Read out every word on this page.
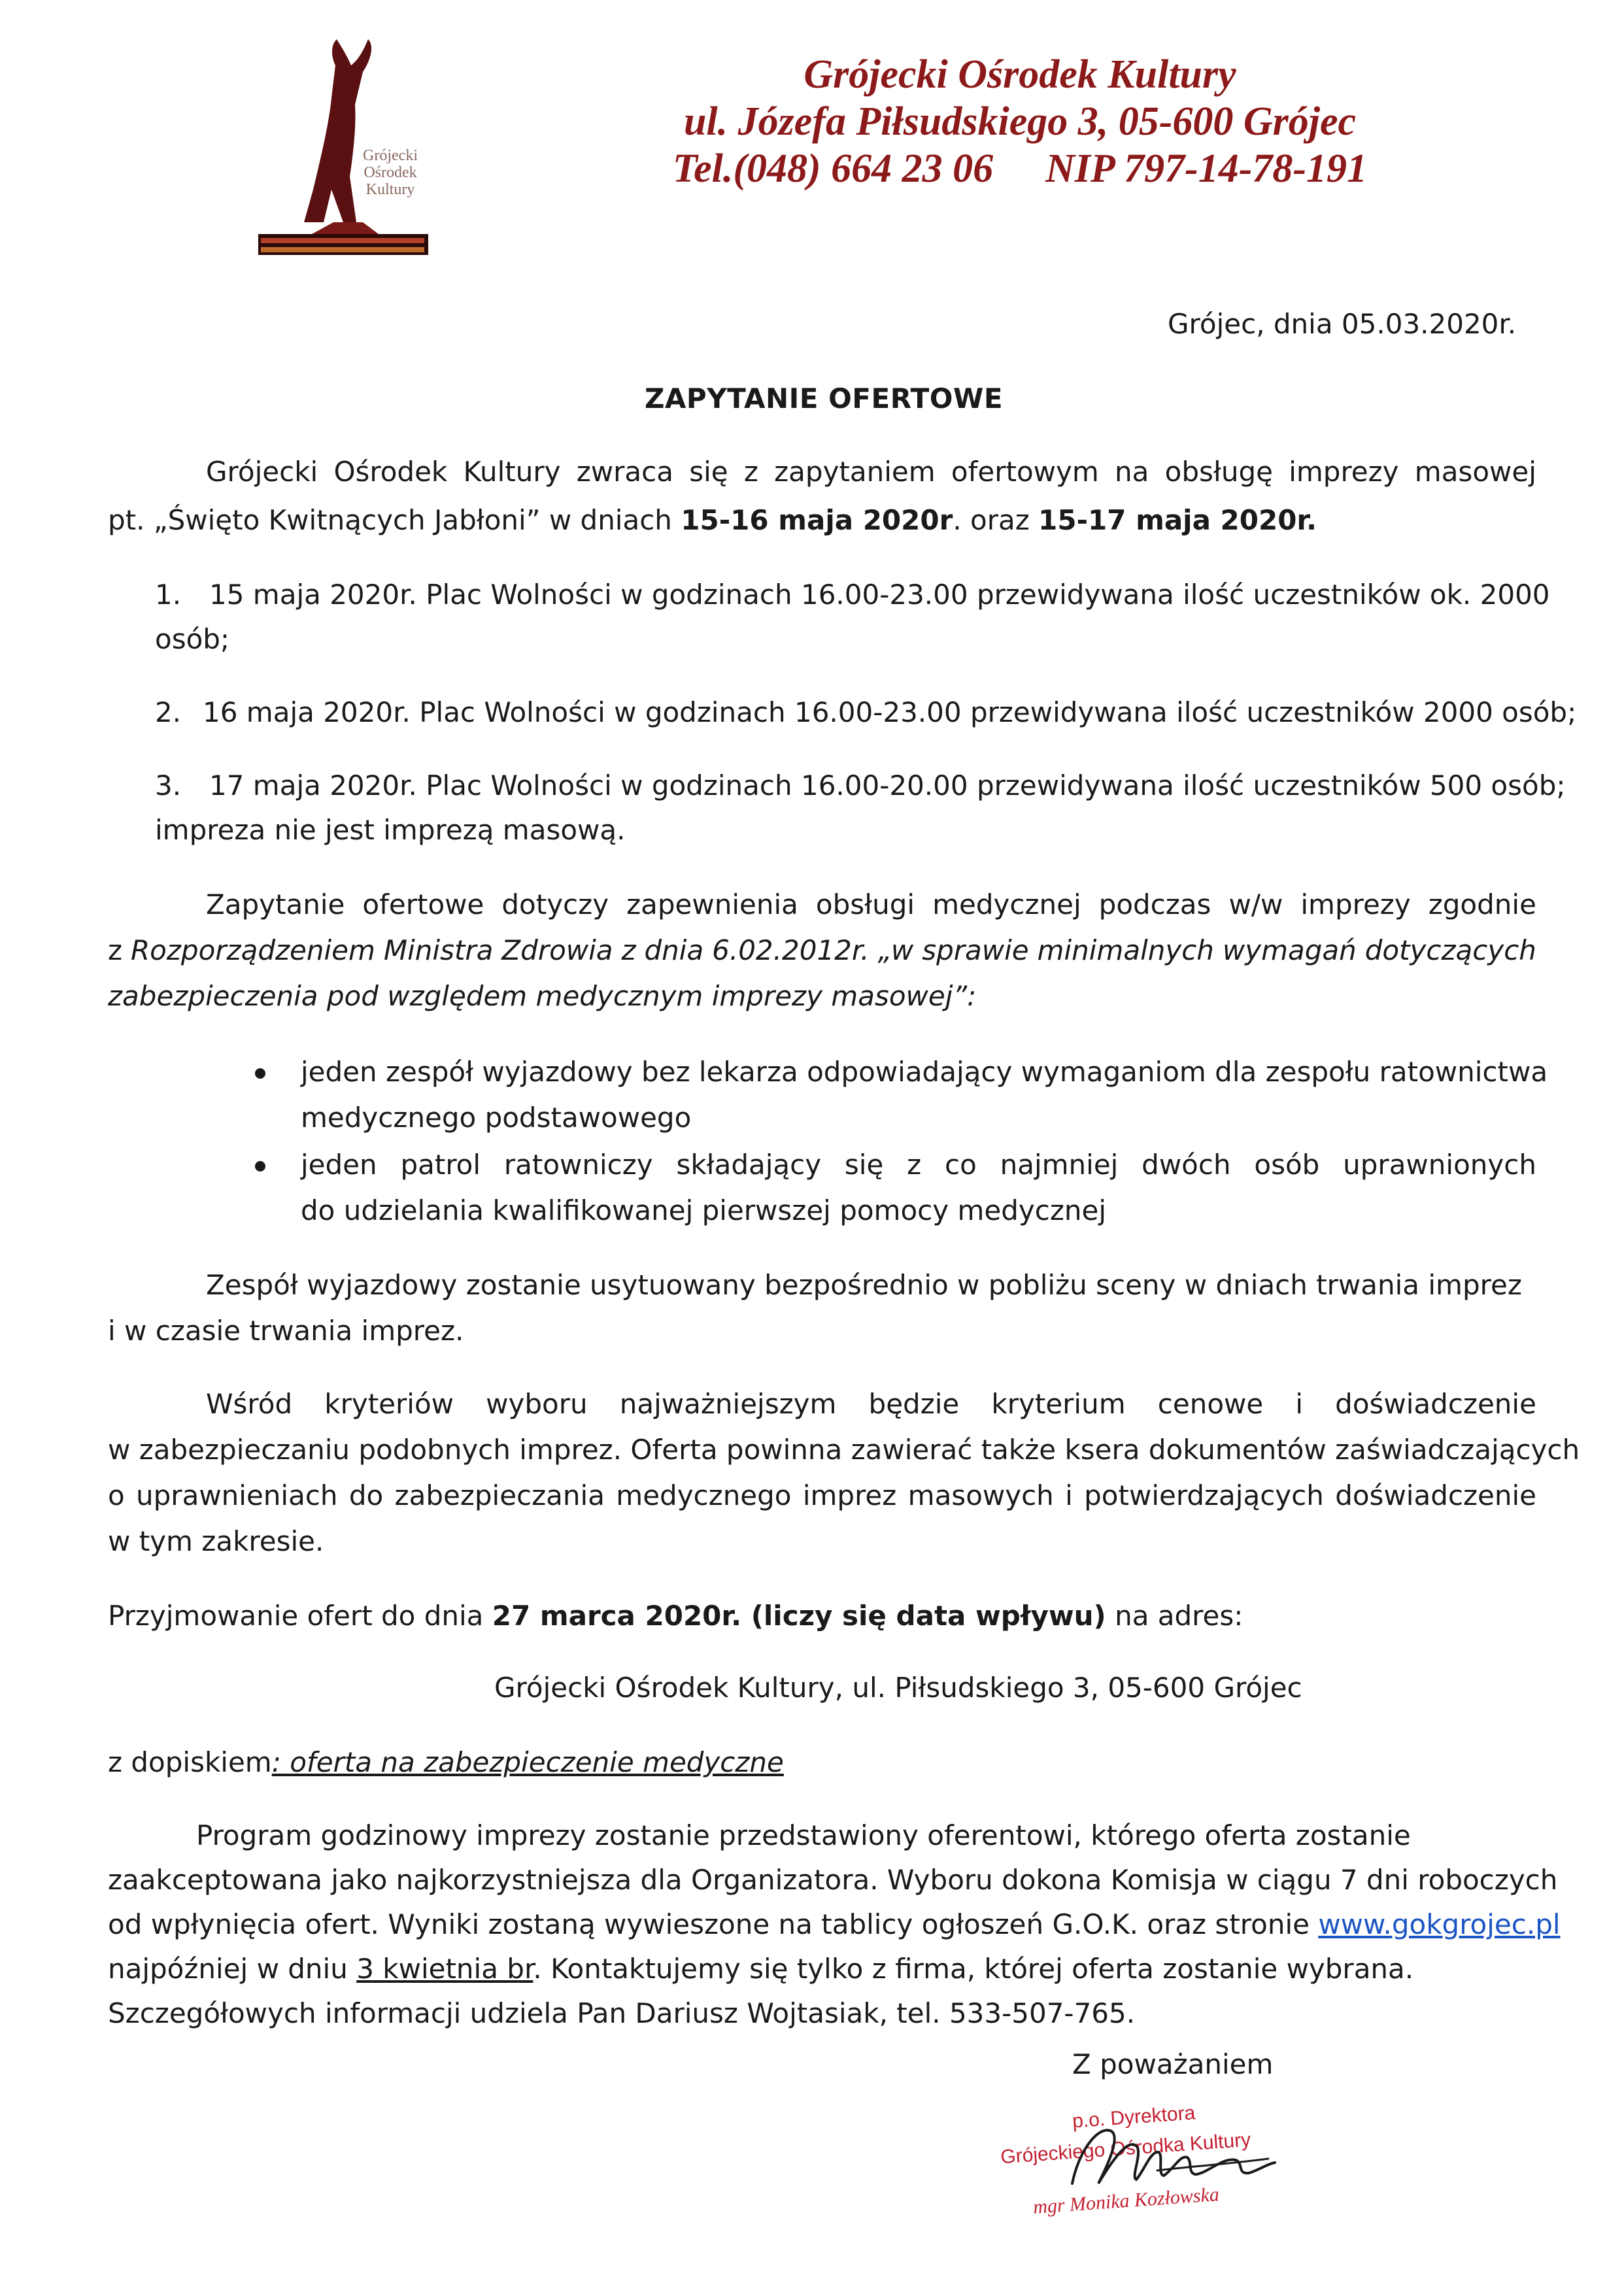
Grójecki
Ośrodek
Kultury
Grójecki Ośrodek Kultury
ul. Józefa Piłsudskiego 3, 05-600 Grójec
Tel.(048) 664 23 06 NIP 797-14-78-191
Grójec, dnia 05.03.2020r.
ZAPYTANIE OFERTOWE
Grójecki Ośrodek Kultury zwraca się z zapytaniem ofertowym na obsługę imprezy masowej
pt. „Święto Kwitnących Jabłoni” w dniach 15-16 maja 2020r. oraz 15-17 maja 2020r.
1. 15 maja 2020r. Plac Wolności w godzinach 16.00-23.00 przewidywana ilość uczestników ok. 2000
osób;
2. 16 maja 2020r. Plac Wolności w godzinach 16.00-23.00 przewidywana ilość uczestników 2000 osób;
3. 17 maja 2020r. Plac Wolności w godzinach 16.00-20.00 przewidywana ilość uczestników 500 osób;
impreza nie jest imprezą masową.
Zapytanie ofertowe dotyczy zapewnienia obsługi medycznej podczas w/w imprezy zgodnie
z Rozporządzeniem Ministra Zdrowia z dnia 6.02.2012r. „w sprawie minimalnych wymagań dotyczących
zabezpieczenia pod względem medycznym imprezy masowej”:
jeden zespół wyjazdowy bez lekarza odpowiadający wymaganiom dla zespołu ratownictwa
medycznego podstawowego
jeden patrol ratowniczy składający się z co najmniej dwóch osób uprawnionych
do udzielania kwalifikowanej pierwszej pomocy medycznej
Zespół wyjazdowy zostanie usytuowany bezpośrednio w pobliżu sceny w dniach trwania imprez
i w czasie trwania imprez.
Wśród kryteriów wyboru najważniejszym będzie kryterium cenowe i doświadczenie
w zabezpieczaniu podobnych imprez. Oferta powinna zawierać także ksera dokumentów zaświadczających
o uprawnieniach do zabezpieczania medycznego imprez masowych i potwierdzających doświadczenie
w tym zakresie.
Przyjmowanie ofert do dnia 27 marca 2020r. (liczy się data wpływu) na adres:
Grójecki Ośrodek Kultury, ul. Piłsudskiego 3, 05-600 Grójec
z dopiskiem: oferta na zabezpieczenie medyczne
Program godzinowy imprezy zostanie przedstawiony oferentowi, którego oferta zostanie
zaakceptowana jako najkorzystniejsza dla Organizatora. Wyboru dokona Komisja w ciągu 7 dni roboczych
od wpłynięcia ofert. Wyniki zostaną wywieszone na tablicy ogłoszeń G.O.K. oraz stronie www.gokgrojec.pl
najpóźniej w dniu 3 kwietnia br. Kontaktujemy się tylko z firma, której oferta zostanie wybrana.
Szczegółowych informacji udziela Pan Dariusz Wojtasiak, tel. 533-507-765.
Z poważaniem
p.o. Dyrektora
Grójeckiego Ośrodka Kultury
mgr Monika Kozłowska
